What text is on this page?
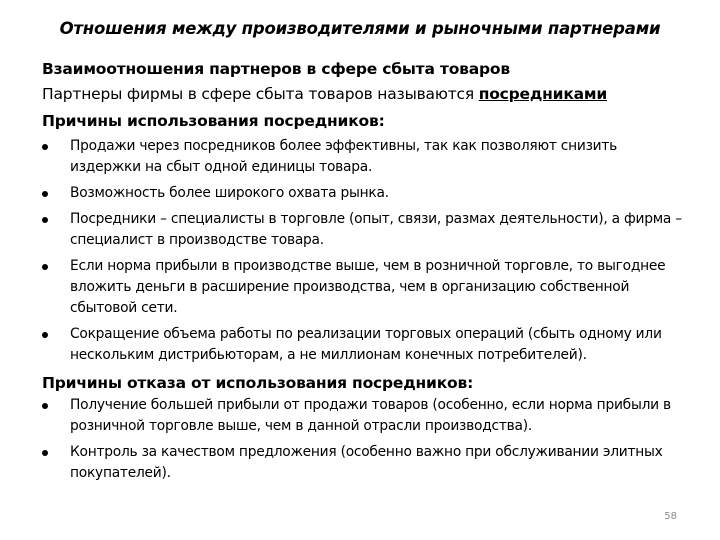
Отношения между производителями и рыночными партнерами

Взаимоотношения партнеров в сфере сбыта товаров

Партнеры фирмы в сфере сбыта товаров называются посредниками

Причины использования посредников:

Продажи через посредников более эффективны, так как позволяют снизить издержки на сбыт одной единицы товара.
Возможность более широкого охвата рынка.
Посредники – специалисты в торговле (опыт, связи, размах деятельности), а фирма – специалист в производстве товара.
Если норма прибыли в производстве выше, чем в розничной торговле, то выгоднее вложить деньги в расширение производства, чем в организацию собственной сбытовой сети.
Сокращение объема работы по реализации торговых операций (сбыть одному или нескольким дистрибьюторам, а не миллионам конечных потребителей).

Причины отказа от использования посредников:

Получение большей прибыли от продажи товаров (особенно, если норма прибыли в розничной торговле выше, чем в данной отрасли производства).
Контроль за качеством предложения (особенно важно при обслуживании элитных покупателей).
58
